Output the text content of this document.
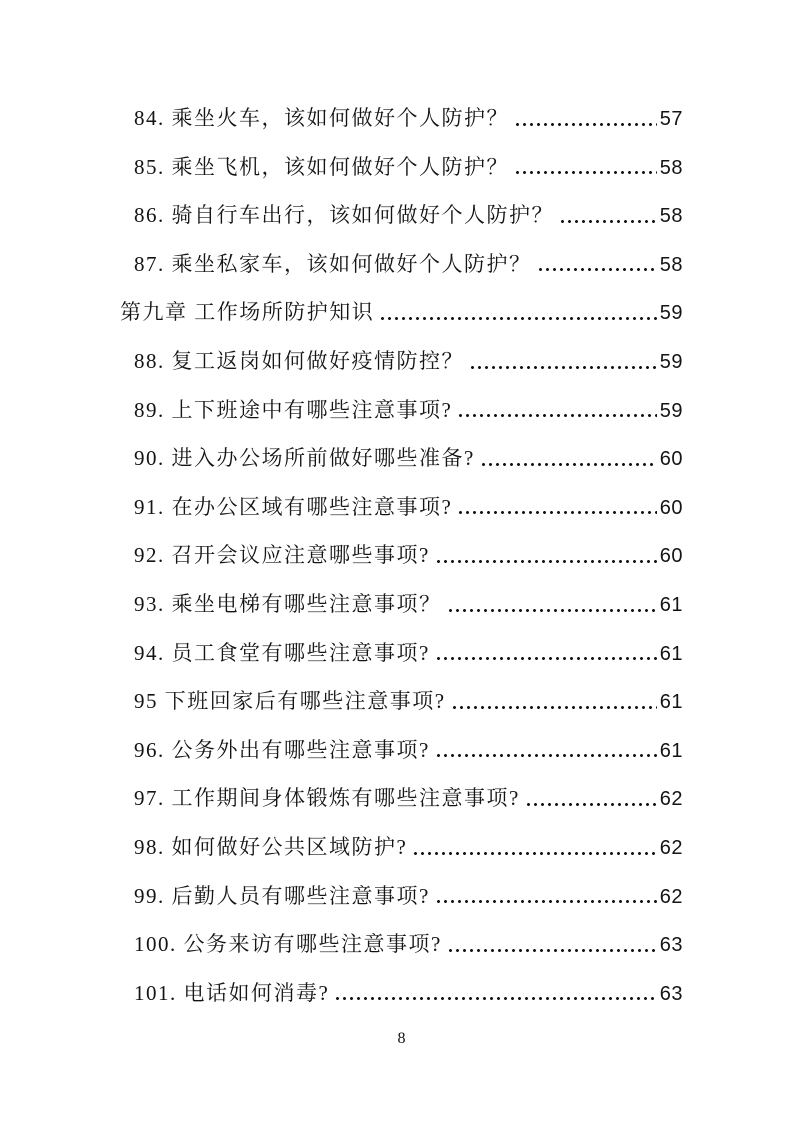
84. 乘坐火车，该如何做好个人防护？	57
85. 乘坐飞机，该如何做好个人防护？	58
86. 骑自行车出行，该如何做好个人防护？	58
87. 乘坐私家车，该如何做好个人防护？	58
第九章 工作场所防护知识	59
88. 复工返岗如何做好疫情防控？	59
89. 上下班途中有哪些注意事项?	59
90. 进入办公场所前做好哪些准备?	60
91. 在办公区域有哪些注意事项?	60
92. 召开会议应注意哪些事项?	60
93. 乘坐电梯有哪些注意事项？	61
94. 员工食堂有哪些注意事项?	61
95 下班回家后有哪些注意事项?	61
96. 公务外出有哪些注意事项?	61
97. 工作期间身体锻炼有哪些注意事项?	62
98. 如何做好公共区域防护?	62
99. 后勤人员有哪些注意事项?	62
100. 公务来访有哪些注意事项?	63
101. 电话如何消毒?	63
8
